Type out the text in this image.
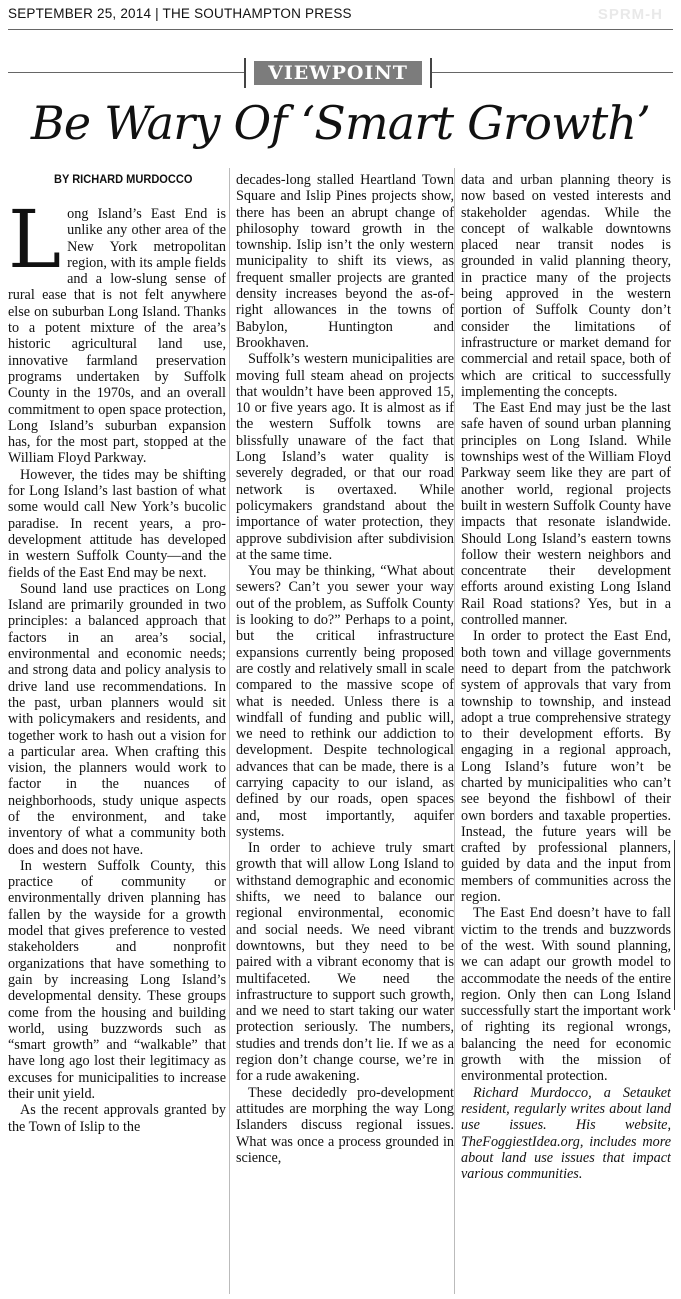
SEPTEMBER 25, 2014 | THE SOUTHAMPTON PRESS	SPRM-H
VIEWPOINT
Be Wary Of ‘Smart Growth’
BY RICHARD MURDOCCO

Long Island’s East End is unlike any other area of the New York metropolitan region, with its ample fields and a low-slung sense of rural ease that is not felt anywhere else on suburban Long Island. Thanks to a potent mixture of the area’s historic agricultural land use, innovative farmland preservation programs undertaken by Suffolk County in the 1970s, and an overall commitment to open space protection, Long Island’s suburban expansion has, for the most part, stopped at the William Floyd Parkway.

However, the tides may be shifting for Long Island’s last bastion of what some would call New York’s bucolic paradise. In recent years, a pro-development attitude has developed in western Suffolk County—and the fields of the East End may be next.

Sound land use practices on Long Island are primarily grounded in two principles: a balanced approach that factors in an area’s social, environmental and economic needs; and strong data and policy analysis to drive land use recommendations. In the past, urban planners would sit with policymakers and residents, and together work to hash out a vision for a particular area. When crafting this vision, the planners would work to factor in the nuances of neighborhoods, study unique aspects of the environment, and take inventory of what a community both does and does not have.

In western Suffolk County, this practice of community or environmentally driven planning has fallen by the wayside for a growth model that gives preference to vested stakeholders and nonprofit organizations that have something to gain by increasing Long Island’s developmental density. These groups come from the housing and building world, using buzzwords such as “smart growth” and “walkable” that have long ago lost their legitimacy as excuses for municipalities to increase their unit yield.

As the recent approvals granted by the Town of Islip to the

decades-long stalled Heartland Town Square and Islip Pines projects show, there has been an abrupt change of philosophy toward growth in the township. Islip isn’t the only western municipality to shift its views, as frequent smaller projects are granted density increases beyond the as-of-right allowances in the towns of Babylon, Huntington and Brookhaven.

Suffolk’s western municipalities are moving full steam ahead on projects that wouldn’t have been approved 15, 10 or five years ago. It is almost as if the western Suffolk towns are blissfully unaware of the fact that Long Island’s water quality is severely degraded, or that our road network is overtaxed. While policymakers grandstand about the importance of water protection, they approve subdivision after subdivision at the same time.

You may be thinking, “What about sewers? Can’t you sewer your way out of the problem, as Suffolk County is looking to do?” Perhaps to a point, but the critical infrastructure expansions currently being proposed are costly and relatively small in scale compared to the massive scope of what is needed. Unless there is a windfall of funding and public will, we need to rethink our addiction to development. Despite technological advances that can be made, there is a carrying capacity to our island, as defined by our roads, open spaces and, most importantly, aquifer systems.

In order to achieve truly smart growth that will allow Long Island to withstand demographic and economic shifts, we need to balance our regional environmental, economic and social needs. We need vibrant downtowns, but they need to be paired with a vibrant economy that is multifaceted. We need the infrastructure to support such growth, and we need to start taking our water protection seriously. The numbers, studies and trends don’t lie. If we as a region don’t change course, we’re in for a rude awakening.

These decidedly pro-development attitudes are morphing the way Long Islanders discuss regional issues. What was once a process grounded in science,

data and urban planning theory is now based on vested interests and stakeholder agendas. While the concept of walkable downtowns placed near transit nodes is grounded in valid planning theory, in practice many of the projects being approved in the western portion of Suffolk County don’t consider the limitations of infrastructure or market demand for commercial and retail space, both of which are critical to successfully implementing the concepts.

The East End may just be the last safe haven of sound urban planning principles on Long Island. While townships west of the William Floyd Parkway seem like they are part of another world, regional projects built in western Suffolk County have impacts that resonate islandwide. Should Long Island’s eastern towns follow their western neighbors and concentrate their development efforts around existing Long Island Rail Road stations? Yes, but in a controlled manner.

In order to protect the East End, both town and village governments need to depart from the patchwork system of approvals that vary from township to township, and instead adopt a true comprehensive strategy to their development efforts. By engaging in a regional approach, Long Island’s future won’t be charted by municipalities who can’t see beyond the fishbowl of their own borders and taxable properties. Instead, the future years will be crafted by professional planners, guided by data and the input from members of communities across the region.

The East End doesn’t have to fall victim to the trends and buzzwords of the west. With sound planning, we can adapt our growth model to accommodate the needs of the entire region. Only then can Long Island successfully start the important work of righting its regional wrongs, balancing the need for economic growth with the mission of environmental protection.

Richard Murdocco, a Setauket resident, regularly writes about land use issues. His website, TheFoggiestIdea.org, includes more about land use issues that impact various communities.
